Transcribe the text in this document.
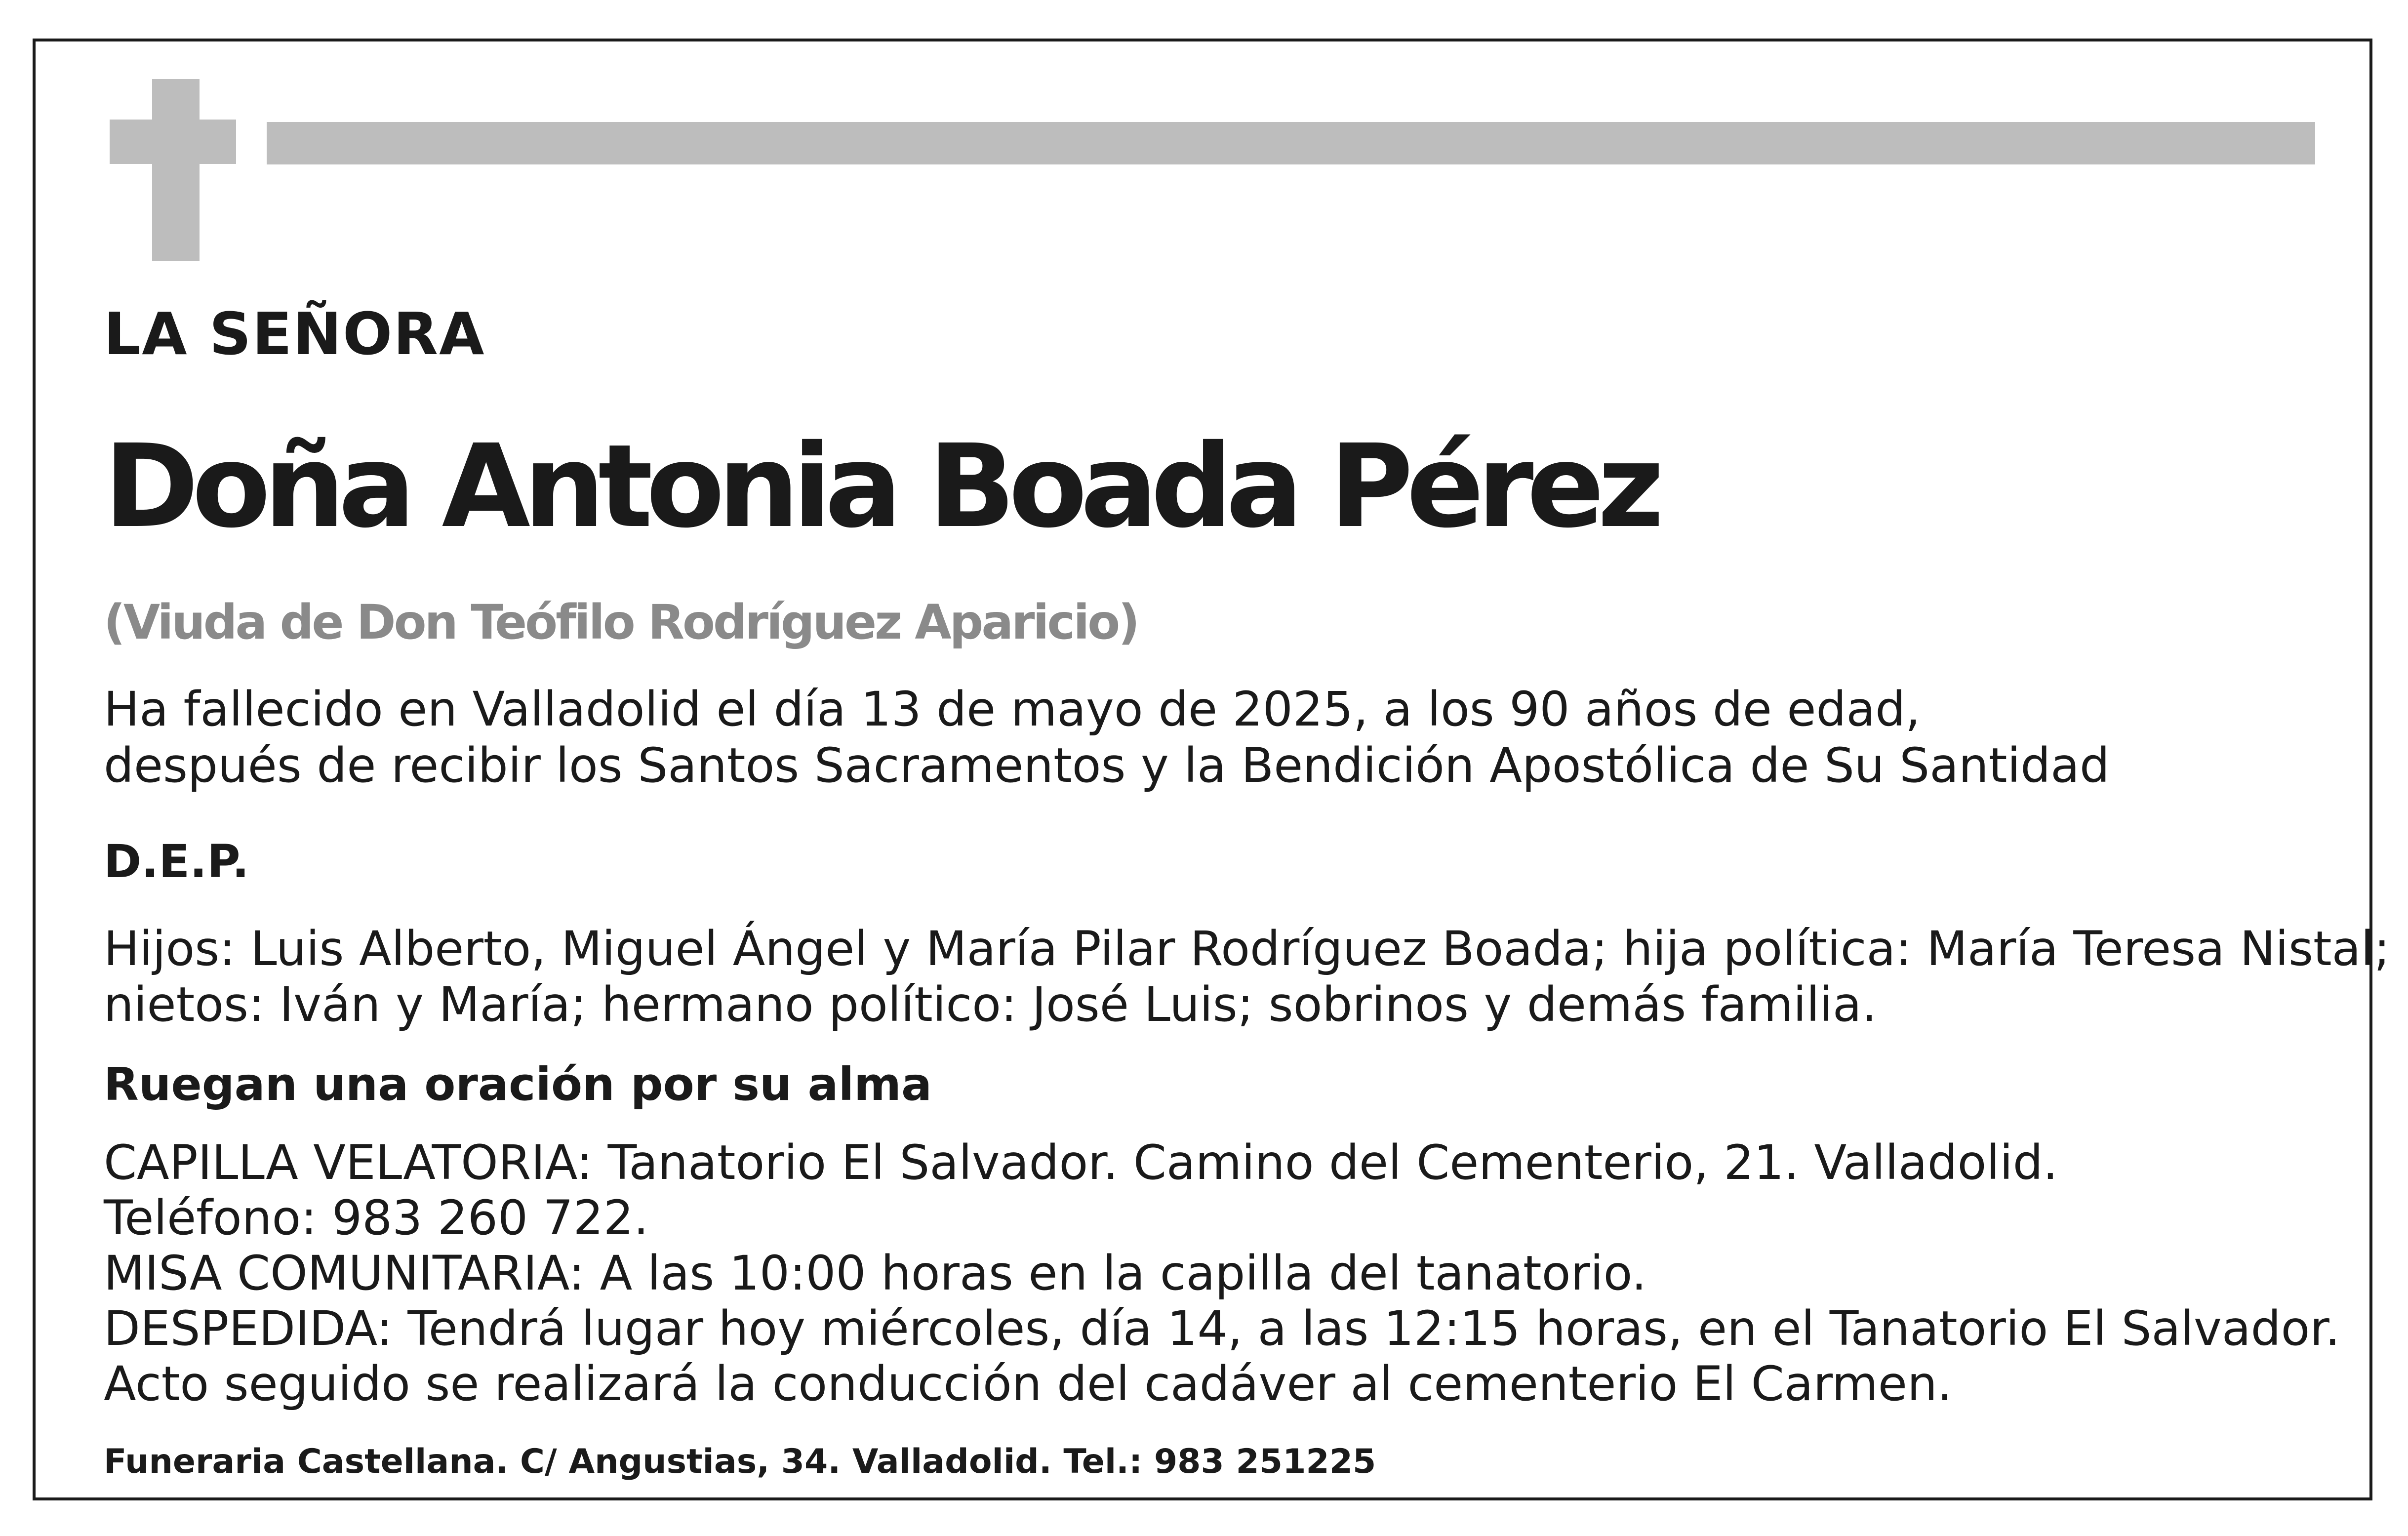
LA SEÑORA

Doña Antonia Boada Pérez

(Viuda de Don Teófilo Rodríguez Aparicio)

Ha fallecido en Valladolid el día 13 de mayo de 2025, a los 90 años de edad,

después de recibir los Santos Sacramentos y la Bendición Apostólica de Su Santidad

D.E.P.

Hijos: Luis Alberto, Miguel Ángel y María Pilar Rodríguez Boada; hija política: María Teresa Nistal;

nietos: Iván y María; hermano político: José Luis; sobrinos y demás familia.

Ruegan una oración por su alma

CAPILLA VELATORIA: Tanatorio El Salvador. Camino del Cementerio, 21. Valladolid.

Teléfono: 983 260 722.

MISA COMUNITARIA: A las 10:00 horas en la capilla del tanatorio.

DESPEDIDA: Tendrá lugar hoy miércoles, día 14, a las 12:15 horas, en el Tanatorio El Salvador.

Acto seguido se realizará la conducción del cadáver al cementerio El Carmen.

Funeraria Castellana. C/ Angustias, 34. Valladolid. Tel.: 983 251225
